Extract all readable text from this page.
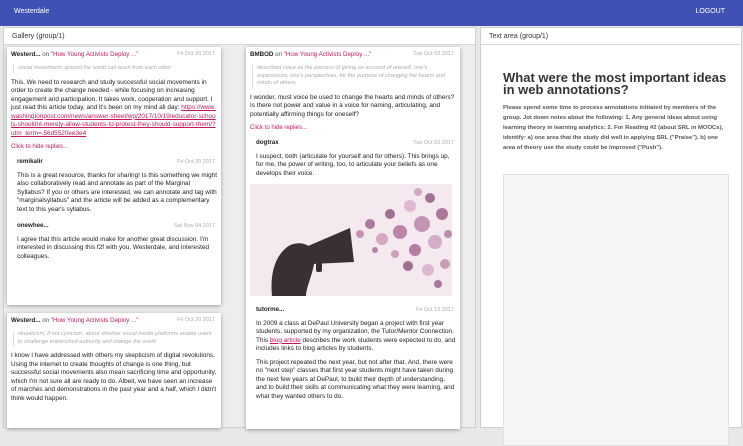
Westerdale	LOGOUT
Gallery (group/1)
Westerd... on "How Young Activists Deploy ..."	Fri Oct 20 2017
social movements around the world can learn from each other
This. We need to research and study successful social movements in order to create the change needed - while focusing on increasing engagement and participation. It takes work, cooperation and support. I just read this article today, and it's been on my mind all day: https://www.washingtonpost.com/news/answer-sheet/wp/2017/10/19/educator-schools-shouldnt-merely-allow-students-to-protest-they-should-support-them/?utm_term=.56d5520ee3e4
Click to hide replies...
remikalir	Fri Oct 20 2017
This is a great resource, thanks for sharing! Is this something we might also collaboratively read and annotate as part of the Marginal Syllabus? If you or others are interested, we can annotate and tag with "marginalsyllabus" and the article will be added as a complementary text to this year's syllabus.
onewhee...	Sat Nov 04 2017
I agree that this article would make for another great discussion. I'm interested in discussing this f2f with you, Westerdale, and interested colleagues.
Westerd... on "How Young Activists Deploy ..."	Fri Oct 20 2017
skepticism, if not cynicism, about whether social media platforms enable users to challenge entrenched authority and change the world
I know I have addressed with others my skepticism of digital revolutions. Using the internet to create thoughts of change is one thing, but successful social movements also mean sacrificing time and opportunity, which I'm not sure all are ready to do. Albeit, we have seen an increase of marches and demonstrations in the past year and a half, which I didn't think would happen.
BMBOD on "How Young Activists Deploy ..."	Tue Oct 03 2017
described voice as the process of giving an account of oneself, one's experiences, one's perspectives, for the purpose of changing the hearts and minds of others.
I wonder, must voice be used to change the hearts and minds of others? Is there not power and value in a voice for naming, articulating, and potentially affirming things for oneself?
Click to hide replies...
dogtrax	Tue Oct 03 2017
I suspect, both (articulate for yourself and for others). This brings up, for me, the power of writing, too, to articulate your beliefs as one develops their voice.
tutorme...	Fri Oct 13 2017
In 2009 a class at DePaul University began a project with first year students, supported by my organization, the Tutor/Mentor Connection. This blog article describes the work students were expected to do, and includes links to blog articles by students.
This project repeated the next year, but not after that. And, there were no "next step" classes that first year students might have taken during the next few years at DePaul, to build their depth of understanding, and to build their skills at communicating what they were learning, and what they wanted others to do.
Text area (group/1)
What were the most important ideas in web annotations?
Please spend some time to process annotations initiated by members of the group. Jot down notes about the following: 1. Any general ideas about using learning theory in learning analytics; 2. For Reading #2 (about SRL in MOOCs), identify: a) one area that the study did well in applying SRL ("Praise"), b) one area of theory use the study could be improved ("Push").
